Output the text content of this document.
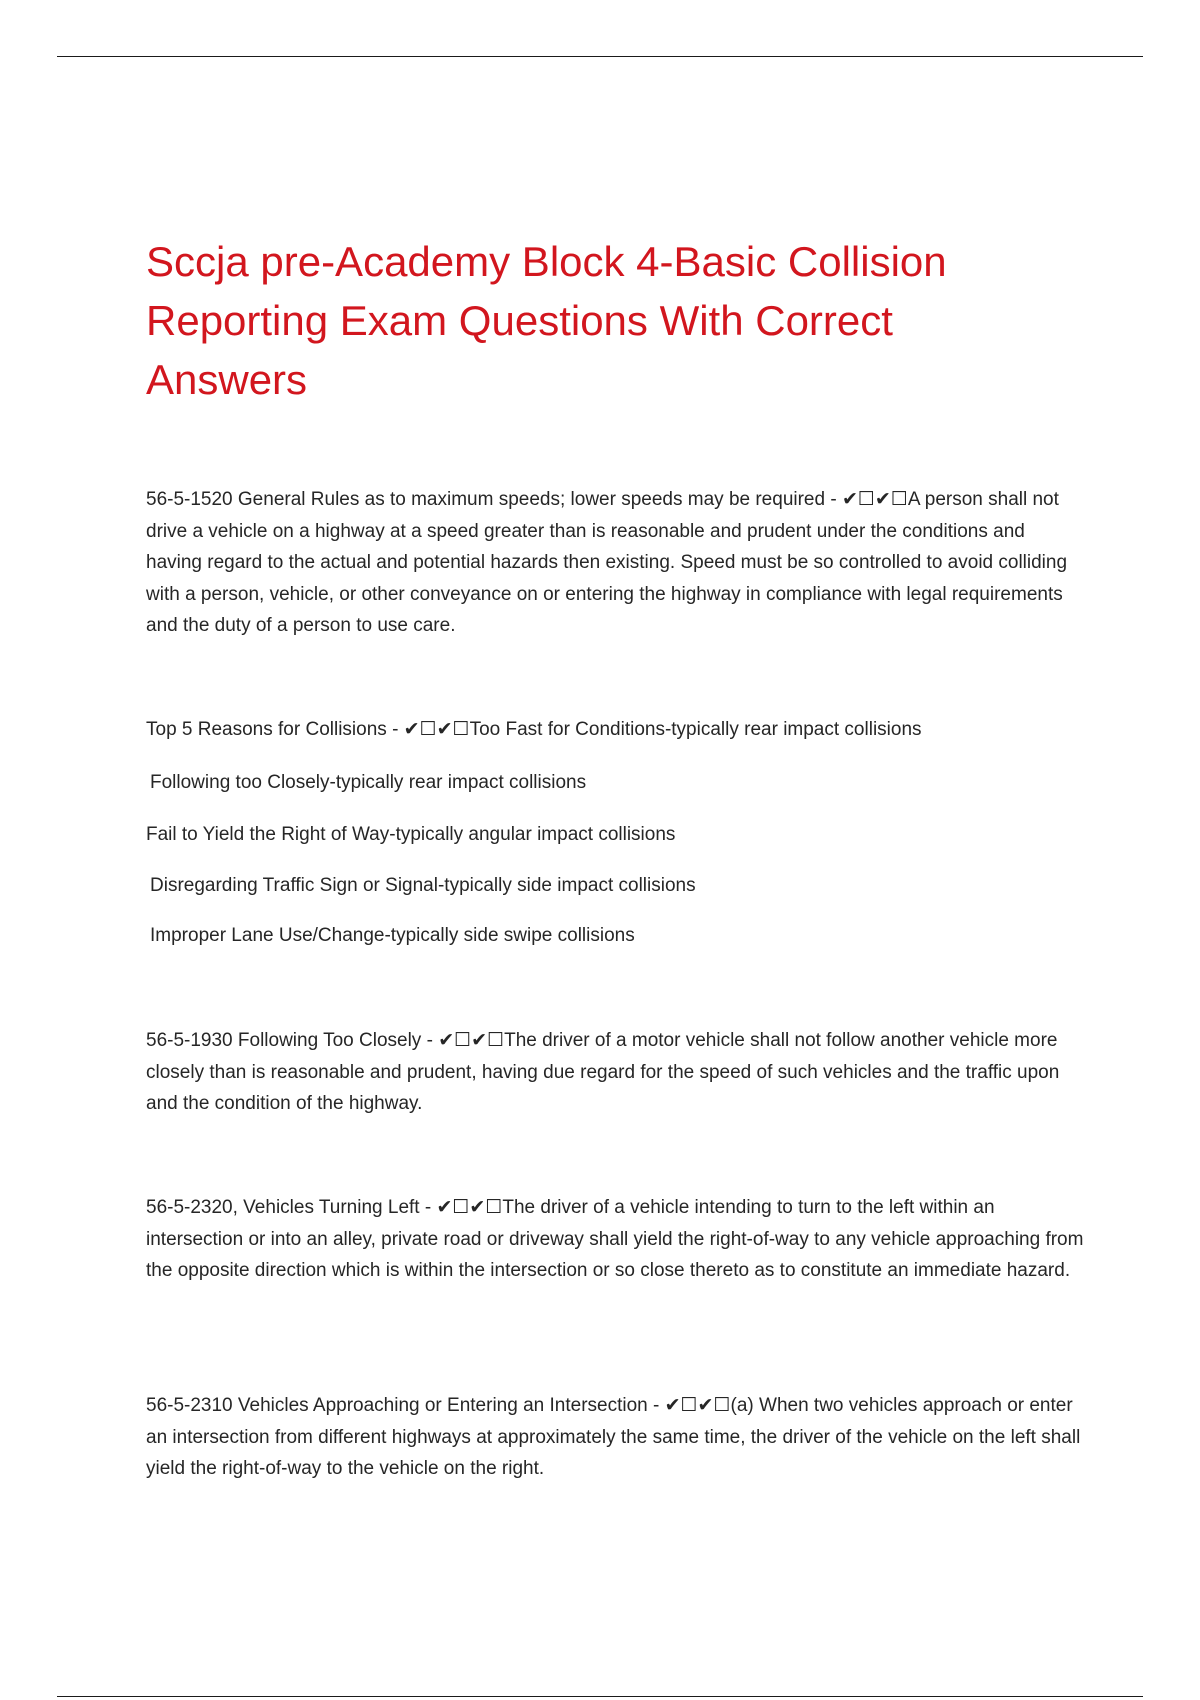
Sccja pre-Academy Block 4-Basic Collision Reporting Exam Questions With Correct Answers

56-5-1520 General Rules as to maximum speeds; lower speeds may be required - ✔☐✔☐A person shall not drive a vehicle on a highway at a speed greater than is reasonable and prudent under the conditions and having regard to the actual and potential hazards then existing. Speed must be so controlled to avoid colliding with a person, vehicle, or other conveyance on or entering the highway in compliance with legal requirements and the duty of a person to use care.

Top 5 Reasons for Collisions - ✔☐✔☐Too Fast for Conditions-typically rear impact collisions

Following too Closely-typically rear impact collisions
Fail to Yield the Right of Way-typically angular impact collisions
Disregarding Traffic Sign or Signal-typically side impact collisions
Improper Lane Use/Change-typically side swipe collisions

56-5-1930 Following Too Closely - ✔☐✔☐The driver of a motor vehicle shall not follow another vehicle more closely than is reasonable and prudent, having due regard for the speed of such vehicles and the traffic upon and the condition of the highway.

56-5-2320, Vehicles Turning Left - ✔☐✔☐The driver of a vehicle intending to turn to the left within an intersection or into an alley, private road or driveway shall yield the right-of-way to any vehicle approaching from the opposite direction which is within the intersection or so close thereto as to constitute an immediate hazard.

56-5-2310 Vehicles Approaching or Entering an Intersection - ✔☐✔☐(a) When two vehicles approach or enter an intersection from different highways at approximately the same time, the driver of the vehicle on the left shall yield the right-of-way to the vehicle on the right.
